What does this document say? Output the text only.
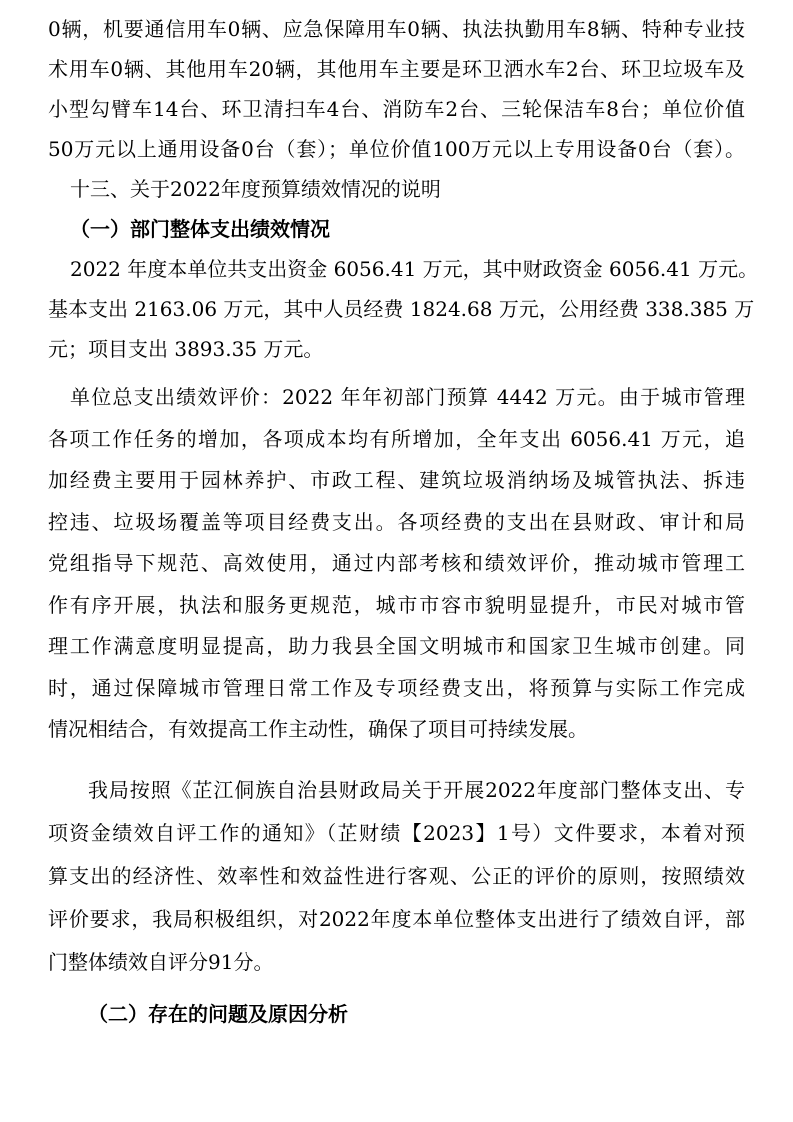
0辆，机要通信用车0辆、应急保障用车0辆、执法执勤用车8辆、特种专业技
术用车0辆、其他用车20辆，其他用车主要是环卫洒水车2台、环卫垃圾车及
小型勾臂车14台、环卫清扫车4台、消防车2台、三轮保洁车8台；单位价值
50万元以上通用设备0台（套）；单位价值100万元以上专用设备0台（套）。
十三、关于2022年度预算绩效情况的说明
（一）部门整体支出绩效情况
2022 年度本单位共支出资金 6056.41 万元，其中财政资金 6056.41 万元。
基本支出 2163.06 万元，其中人员经费 1824.68 万元，公用经费 338.385 万
元；项目支出 3893.35 万元。
单位总支出绩效评价：2022 年年初部门预算 4442 万元。由于城市管理
各项工作任务的增加，各项成本均有所增加，全年支出 6056.41 万元，追
加经费主要用于园林养护、市政工程、建筑垃圾消纳场及城管执法、拆违
控违、垃圾场覆盖等项目经费支出。各项经费的支出在县财政、审计和局
党组指导下规范、高效使用，通过内部考核和绩效评价，推动城市管理工
作有序开展，执法和服务更规范，城市市容市貌明显提升，市民对城市管
理工作满意度明显提高，助力我县全国文明城市和国家卫生城市创建。同
时，通过保障城市管理日常工作及专项经费支出，将预算与实际工作完成
情况相结合，有效提高工作主动性，确保了项目可持续发展。
我局按照《芷江侗族自治县财政局关于开展2022年度部门整体支出、专
项资金绩效自评工作的通知》（芷财绩【2023】1号）文件要求，本着对预
算支出的经济性、效率性和效益性进行客观、公正的评价的原则，按照绩效
评价要求，我局积极组织，对2022年度本单位整体支出进行了绩效自评，部
门整体绩效自评分91分。
（二）存在的问题及原因分析
